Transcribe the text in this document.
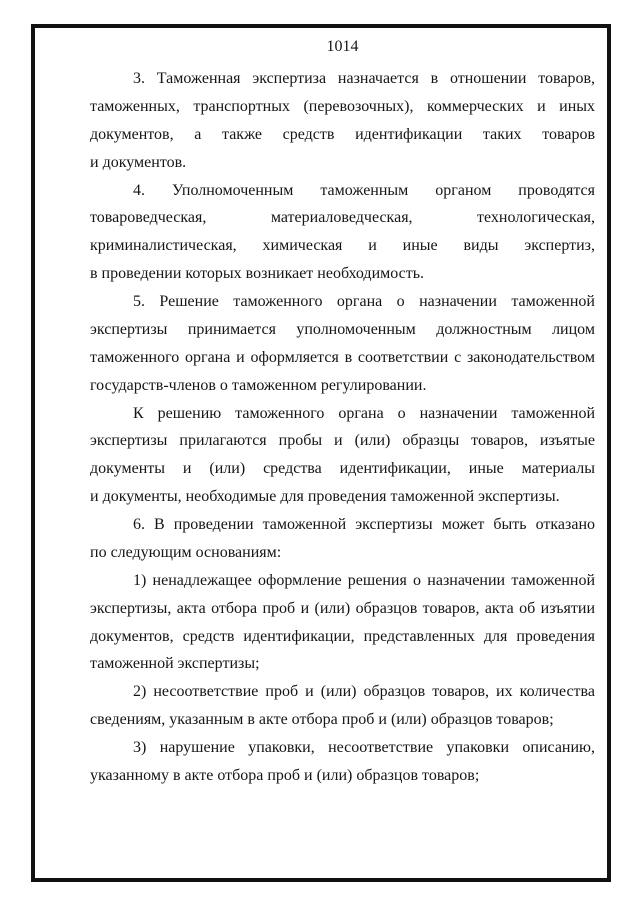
1014
3. Таможенная экспертиза назначается в отношении товаров,
таможенных, транспортных (перевозочных), коммерческих и иных
документов, а также средств идентификации таких товаров
и документов.
4. Уполномоченным таможенным органом проводятся
товароведческая, материаловедческая, технологическая,
криминалистическая, химическая и иные виды экспертиз,
в проведении которых возникает необходимость.
5. Решение таможенного органа о назначении таможенной
экспертизы принимается уполномоченным должностным лицом
таможенного органа и оформляется в соответствии с законодательством
государств-членов о таможенном регулировании.
К решению таможенного органа о назначении таможенной
экспертизы прилагаются пробы и (или) образцы товаров, изъятые
документы и (или) средства идентификации, иные материалы
и документы, необходимые для проведения таможенной экспертизы.
6. В проведении таможенной экспертизы может быть отказано
по следующим основаниям:
1) ненадлежащее оформление решения о назначении таможенной
экспертизы, акта отбора проб и (или) образцов товаров, акта об изъятии
документов, средств идентификации, представленных для проведения
таможенной экспертизы;
2) несоответствие проб и (или) образцов товаров, их количества
сведениям, указанным в акте отбора проб и (или) образцов товаров;
3) нарушение упаковки, несоответствие упаковки описанию,
указанному в акте отбора проб и (или) образцов товаров;
